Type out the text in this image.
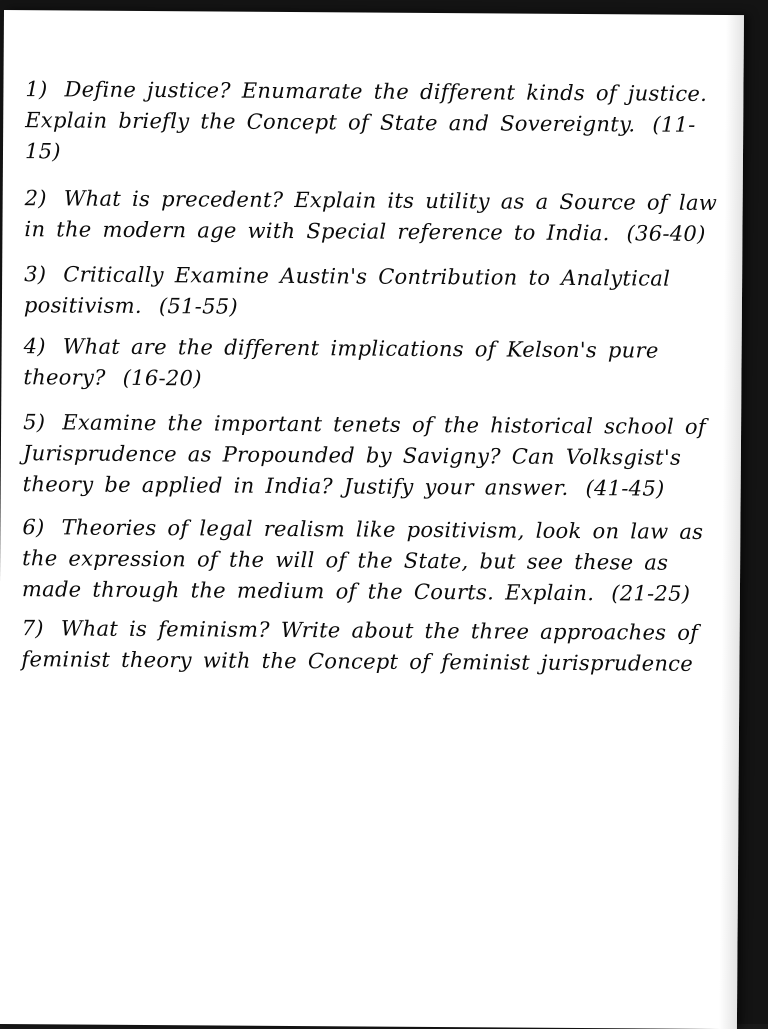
1) Define justice? Enumarate the different kinds of justice. Explain briefly the Concept of State and Sovereignty. (11-15)
2) What is precedent? Explain its utility as a Source of law in the modern age with Special reference to India. (36-40)
3) Critically Examine Austin's Contribution to Analytical positivism. (51-55)
4) What are the different implications of Kelson's pure theory? (16-20)
5) Examine the important tenets of the historical school of Jurisprudence as Propounded by Savigny? Can Volksgist's theory be applied in India? Justify your answer. (41-45)
6) Theories of legal realism like positivism, look on law as the expression of the will of the State, but see these as made through the medium of the Courts. Explain. (21-25)
7) What is feminism? Write about the three approaches of feminist theory with the Concept of feminist jurisprudence
